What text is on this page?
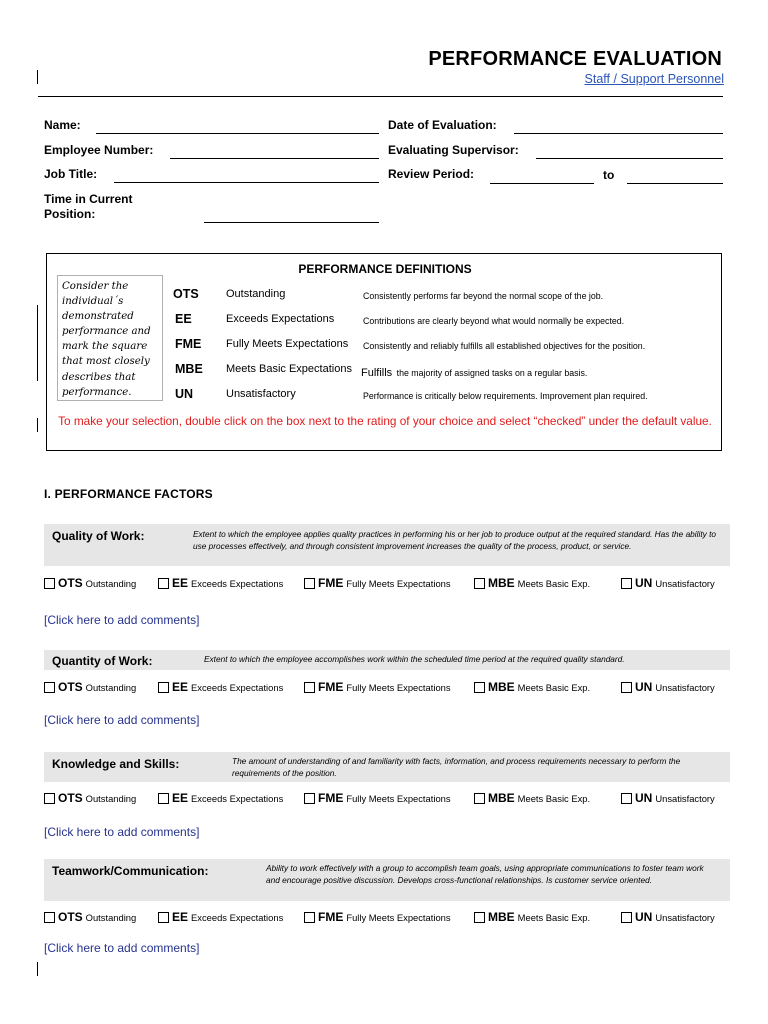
PERFORMANCE EVALUATION
Staff / Support Personnel
Name:
Employee Number:
Job Title:
Time in Current
Position:
Date of Evaluation:
Evaluating Supervisor:
Review Period:	to
PERFORMANCE DEFINITIONS
Consider the individual´s demonstrated performance and mark the square that most closely describes that performance.
OTS Outstanding	Consistently performs far beyond the normal scope of the job.
EE	Exceeds Expectations	Contributions are clearly beyond what would normally be expected.
FME Fully Meets Expectations Consistently and reliably fulfills all established objectives for the position.
MBE Meets Basic Expectations Fulfills the majority of assigned tasks on a regular basis.
UN	Unsatisfactory	Performance is critically below requirements. Improvement plan required.
To make your selection, double click on the box next to the rating of your choice and select “checked” under the default value.
I. PERFORMANCE FACTORS
Quality of Work:	Extent to which the employee applies quality practices in performing his or her job to produce output at the required standard. Has the ability to use processes effectively, and through consistent improvement increases the quality of the process, product, or service.
OTS Outstanding	EE Exceeds Expectations	FME Fully Meets Expectations	MBE Meets Basic Exp.	UN Unsatisfactory
[Click here to add comments]
Quantity of Work:	Extent to which the employee accomplishes work within the scheduled time period at the required quality standard.
OTS Outstanding	EE Exceeds Expectations	FME Fully Meets Expectations	MBE Meets Basic Exp.	UN Unsatisfactory
[Click here to add comments]
Knowledge and Skills:	The amount of understanding of and familiarity with facts, information, and process requirements necessary to perform the requirements of the position.
OTS Outstanding	EE Exceeds Expectations	FME Fully Meets Expectations	MBE Meets Basic Exp.	UN Unsatisfactory
[Click here to add comments]
Teamwork/Communication:	Ability to work effectively with a group to accomplish team goals, using appropriate communications to foster team work and encourage positive discussion. Develops cross-functional relationships. Is customer service oriented.
OTS Outstanding	EE Exceeds Expectations	FME Fully Meets Expectations	MBE Meets Basic Exp.	UN Unsatisfactory
[Click here to add comments]
